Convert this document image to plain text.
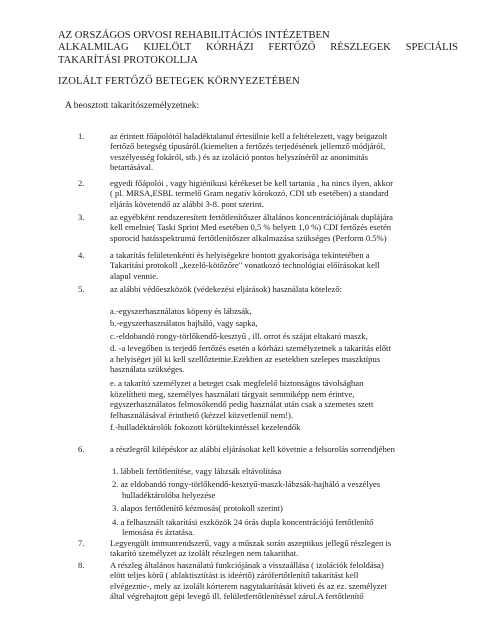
AZ ORSZÁGOS ORVOSI REHABILITÁCIÓS INTÉZETBEN
ALKALMILAG KIJELÖLT KÓRHÁZI FERTŐZŐ RÉSZLEGEK SPECIÁLIS
TAKARÍTÁSI PROTOKOLLJA
IZOLÁLT FERTŐZŐ BETEGEK KÖRNYEZETÉBEN
A beosztott takarítószemélyzetnek:
1.	az érintett főápolótól haladéktalanul értesülnie kell a feltételezett, vagy beigazolt
fertőző betegség típusáról.(kiemelten a fertőzés terjedésének jellemző módjáról,
veszélyesség fokáról, stb.) és az izoláció pontos helyszínéről az anonimitás
betartásával.
2.	egyedi főápolói , vagy higiénikusi kérékeset be kell tartania , ha nincs ilyen, akkor
( pl. MRSA,ESBL termelő Gram negatív kórokozó, CDI stb esetében) a standard
eljárás követendő az alábbi 3-8. pont szerint.
3.	az egyébként rendszeresített fertőtlenítőszer általános koncentrációjának duplájára
kell emelnie( Taski Sprint Med esetében 0,5 % helyett 1,0 %) CDI fertőzés esetén
sporocid hatásspektrumú fertőtlenítőszer alkalmazása szükséges (Perform 0.5%)
4.	a takarítás felületenkénti és helyiségekre bontott gyakorisága tekintetében a
Takarítási protokoll „kezelő-kötőzőre" vonatkozó technológiai előírásokat kell
alapul vennie.
5.	az alábbi védőeszközök (védekezési eljárások) használata kötelező:
a.-egyszerhasználatos köpeny és lábzsák,
b.-egyszerhasználatos hajháló, vagy sapka,
c.-eldobandó rongy-törlőkendő-kesztyű , ill. orrot és szájat eltakaró maszk,
d. -a levegőben is terjedő fertőzés esetén a kórházi személyzetnek a takarítás előtt
a helyiséget jól ki kell szellőztetnie.Ezekben az esetekben szelepes maszktípus
használata szükséges.
e. a takarító személyzet a beteget csak megfelelő biztonságos távolságban
közelítheti meg, személyes használati tárgyait semmiképp nem érintve,
egyszerhasználatos felmosókendő pedig használat után csak a szemetes szett
felhasználásával érinthető (kézzel közvetlenül nem!).
f.-hulladéktárolók fokozott körültekintéssel kezelendők
6.	a részlegről kilépéskor az alábbi eljárásokat kell követnie a felsorolás sorrendjében
1. lábbeli fertőtlenítése, vagy lábzsák eltávolítása
2. az eldobandó rongy-törlőkendő-kesztyű-maszk-lábzsák-hajháló a veszélyes
hulladéktárolóba helyezése
3. alapos fertőtlenítő kézmosás( protokoll szerint)
4. a felhasznált takarítási eszközök 24 órás dupla koncentrációjú fertőtlenítő
lemosása és áztatása.
7.	Legyengült immunrendszerű, vagy a műszak során aszeptikus jellegű részlegen is
takarító személyzet az izolált részlegen nem takarithat.
8.	A részleg általános használatú funkciójának a visszaállása ( izolációk feloldása)
elött teljes körű ( ablaktisztítást is ideértő) zárófertőtlenítő takarítást kell
elvégeznie-, mely az izolált kórterem nagytakarítását követi és az ez. személyzet
által végrehajtott gépi levegő ill. felületfertőtlenítéssel zárul.A fertőtlenítő
